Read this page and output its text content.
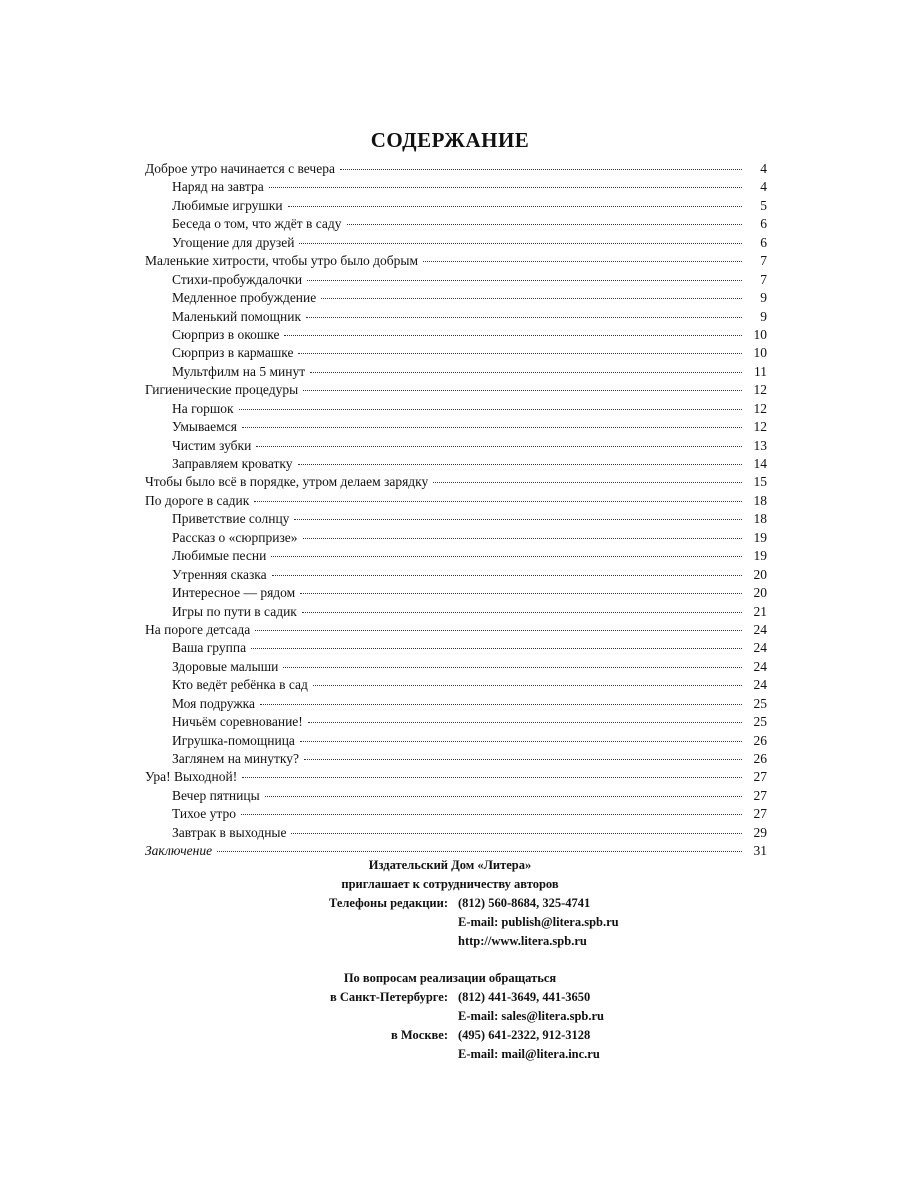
СОДЕРЖАНИЕ
Доброе утро начинается с вечера	4
Наряд на завтра	4
Любимые игрушки	5
Беседа о том, что ждёт в саду	6
Угощение для друзей	6
Маленькие хитрости, чтобы утро было добрым	7
Стихи-пробуждалочки	7
Медленное пробуждение	9
Маленький помощник	9
Сюрприз в окошке	10
Сюрприз в кармашке	10
Мультфилм на 5 минут	11
Гигиенические процедуры	12
На горшок	12
Умываемся	12
Чистим зубки	13
Заправляем кроватку	14
Чтобы было всё в порядке, утром делаем зарядку	15
По дороге в садик	18
Приветствие солнцу	18
Рассказ о «сюрпризе»	19
Любимые песни	19
Утренняя сказка	20
Интересное — рядом	20
Игры по пути в садик	21
На пороге детсада	24
Ваша группа	24
Здоровые малыши	24
Кто ведёт ребёнка в сад	24
Моя подружка	25
Ничьём соревнование!	25
Игрушка-помощница	26
Заглянем на минутку?	26
Ура! Выходной!	27
Вечер пятницы	27
Тихое утро	27
Завтрак в выходные	29
Заключение	31
Издательский Дом «Литера»
приглашает к сотрудничеству авторов
Телефоны редакции: (812) 560-8684, 325-4741
E-mail: publish@litera.spb.ru
http://www.litera.spb.ru
По вопросам реализации обращаться
в Санкт-Петербурге: (812) 441-3649, 441-3650
E-mail: sales@litera.spb.ru
в Москве: (495) 641-2322, 912-3128
E-mail: mail@litera.inc.ru
